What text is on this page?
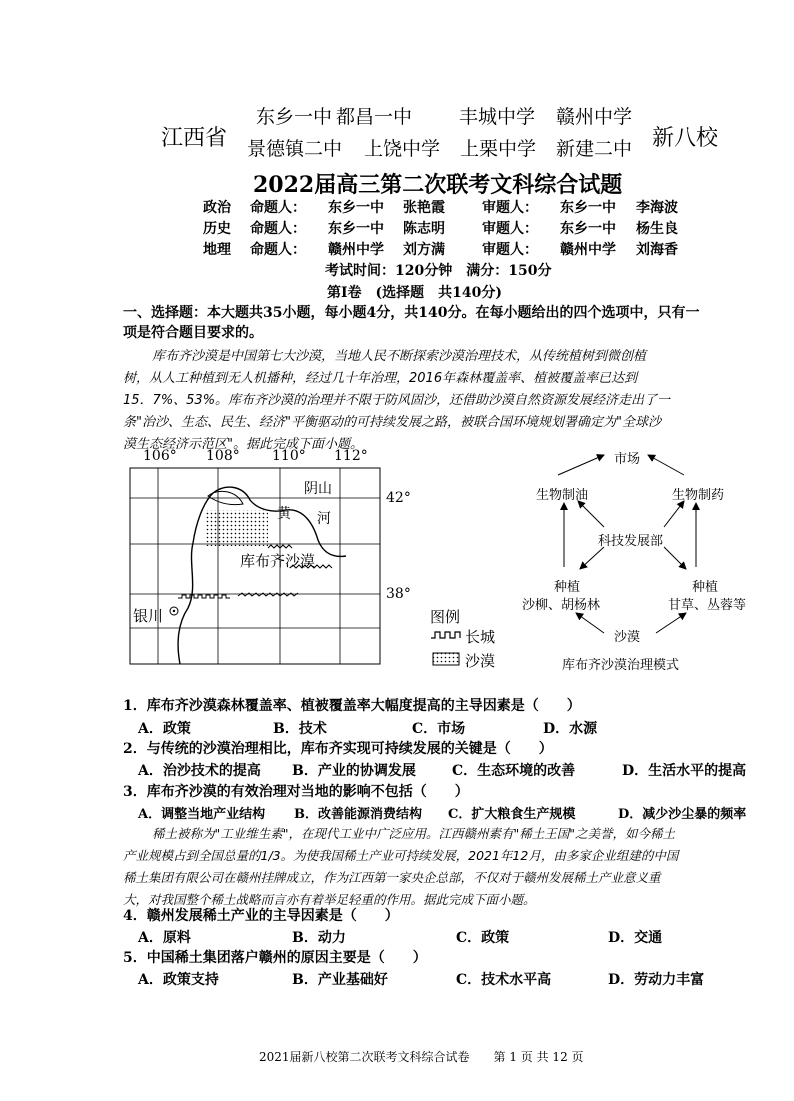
江西省
东乡一中 都昌一中 丰城中学 赣州中学
景德镇二中 上饶中学 上栗中学 新建二中 新八校
2022届高三第二次联考文科综合试题
政治 命题人： 东乡一中 张艳霞	审题人： 东乡一中 李海波
历史 命题人： 东乡一中 陈志明	审题人： 东乡一中 杨生良
地理 命题人： 赣州中学 刘方满	审题人： 赣州中学 刘海香
考试时间：120分钟　满分：150分
第Ⅰ卷　(选择题　共140分)
一、选择题：本大题共35小题，每小题4分，共140分。在每小题给出的四个选项中，只有一
项是符合题目要求的。
库布齐沙漠是中国第七大沙漠，当地人民不断探索沙漠治理技术，从传统植树到微创植
树，从人工种植到无人机播种，经过几十年治理，2016年森林覆盖率、植被覆盖率已达到
15．7%、53%。库布齐沙漠的治理并不限于防风固沙，还借助沙漠自然资源发展经济走出了一
条"治沙、生态、民生、经济"平衡驱动的可持续发展之路，被联合国环境规划署确定为"全球沙
漠生态经济示范区"。据此完成下面小题。
106° 108° 110° 112°
42°
38°
阴山
黄 河
库布齐沙漠
银川	图例
长城
沙漠
市场
生物制油	生物制药
科技发展部
种植
沙柳、胡杨林
种植
甘草、丛蓉等
沙漠
库布齐沙漠治理模式
1．库布齐沙漠森林覆盖率、植被覆盖率大幅度提高的主导因素是（　　）
A．政策	B．技术	C．市场	D．水源
2．与传统的沙漠治理相比，库布齐实现可持续发展的关键是（　　）
A．治沙技术的提高 B．产业的协调发展	C．生态环境的改善	D．生活水平的提高
3．库布齐沙漠的有效治理对当地的影响不包括（　　）
A．调整当地产业结构 B．改善能源消费结构 C．扩大粮食生产规模	D．减少沙尘暴的频率
稀土被称为"工业维生素"，在现代工业中广泛应用。江西赣州素有"稀土王国"之美誉，如今稀土
产业规模占到全国总量的1/3。为使我国稀土产业可持续发展，2021年12月，由多家企业组建的中国
稀土集团有限公司在赣州挂牌成立，作为江西第一家央企总部，不仅对于赣州发展稀土产业意义重
大，对我国整个稀土战略而言亦有着举足轻重的作用。据此完成下面小题。
4．赣州发展稀土产业的主导因素是（　　）
A．原料	B．动力	C．政策	D．交通
5．中国稀土集团落户赣州的原因主要是（　　）
A．政策支持	B．产业基础好	C．技术水平高	D．劳动力丰富
2021届新八校第二次联考文科综合试卷　　第 1 页 共 12 页
